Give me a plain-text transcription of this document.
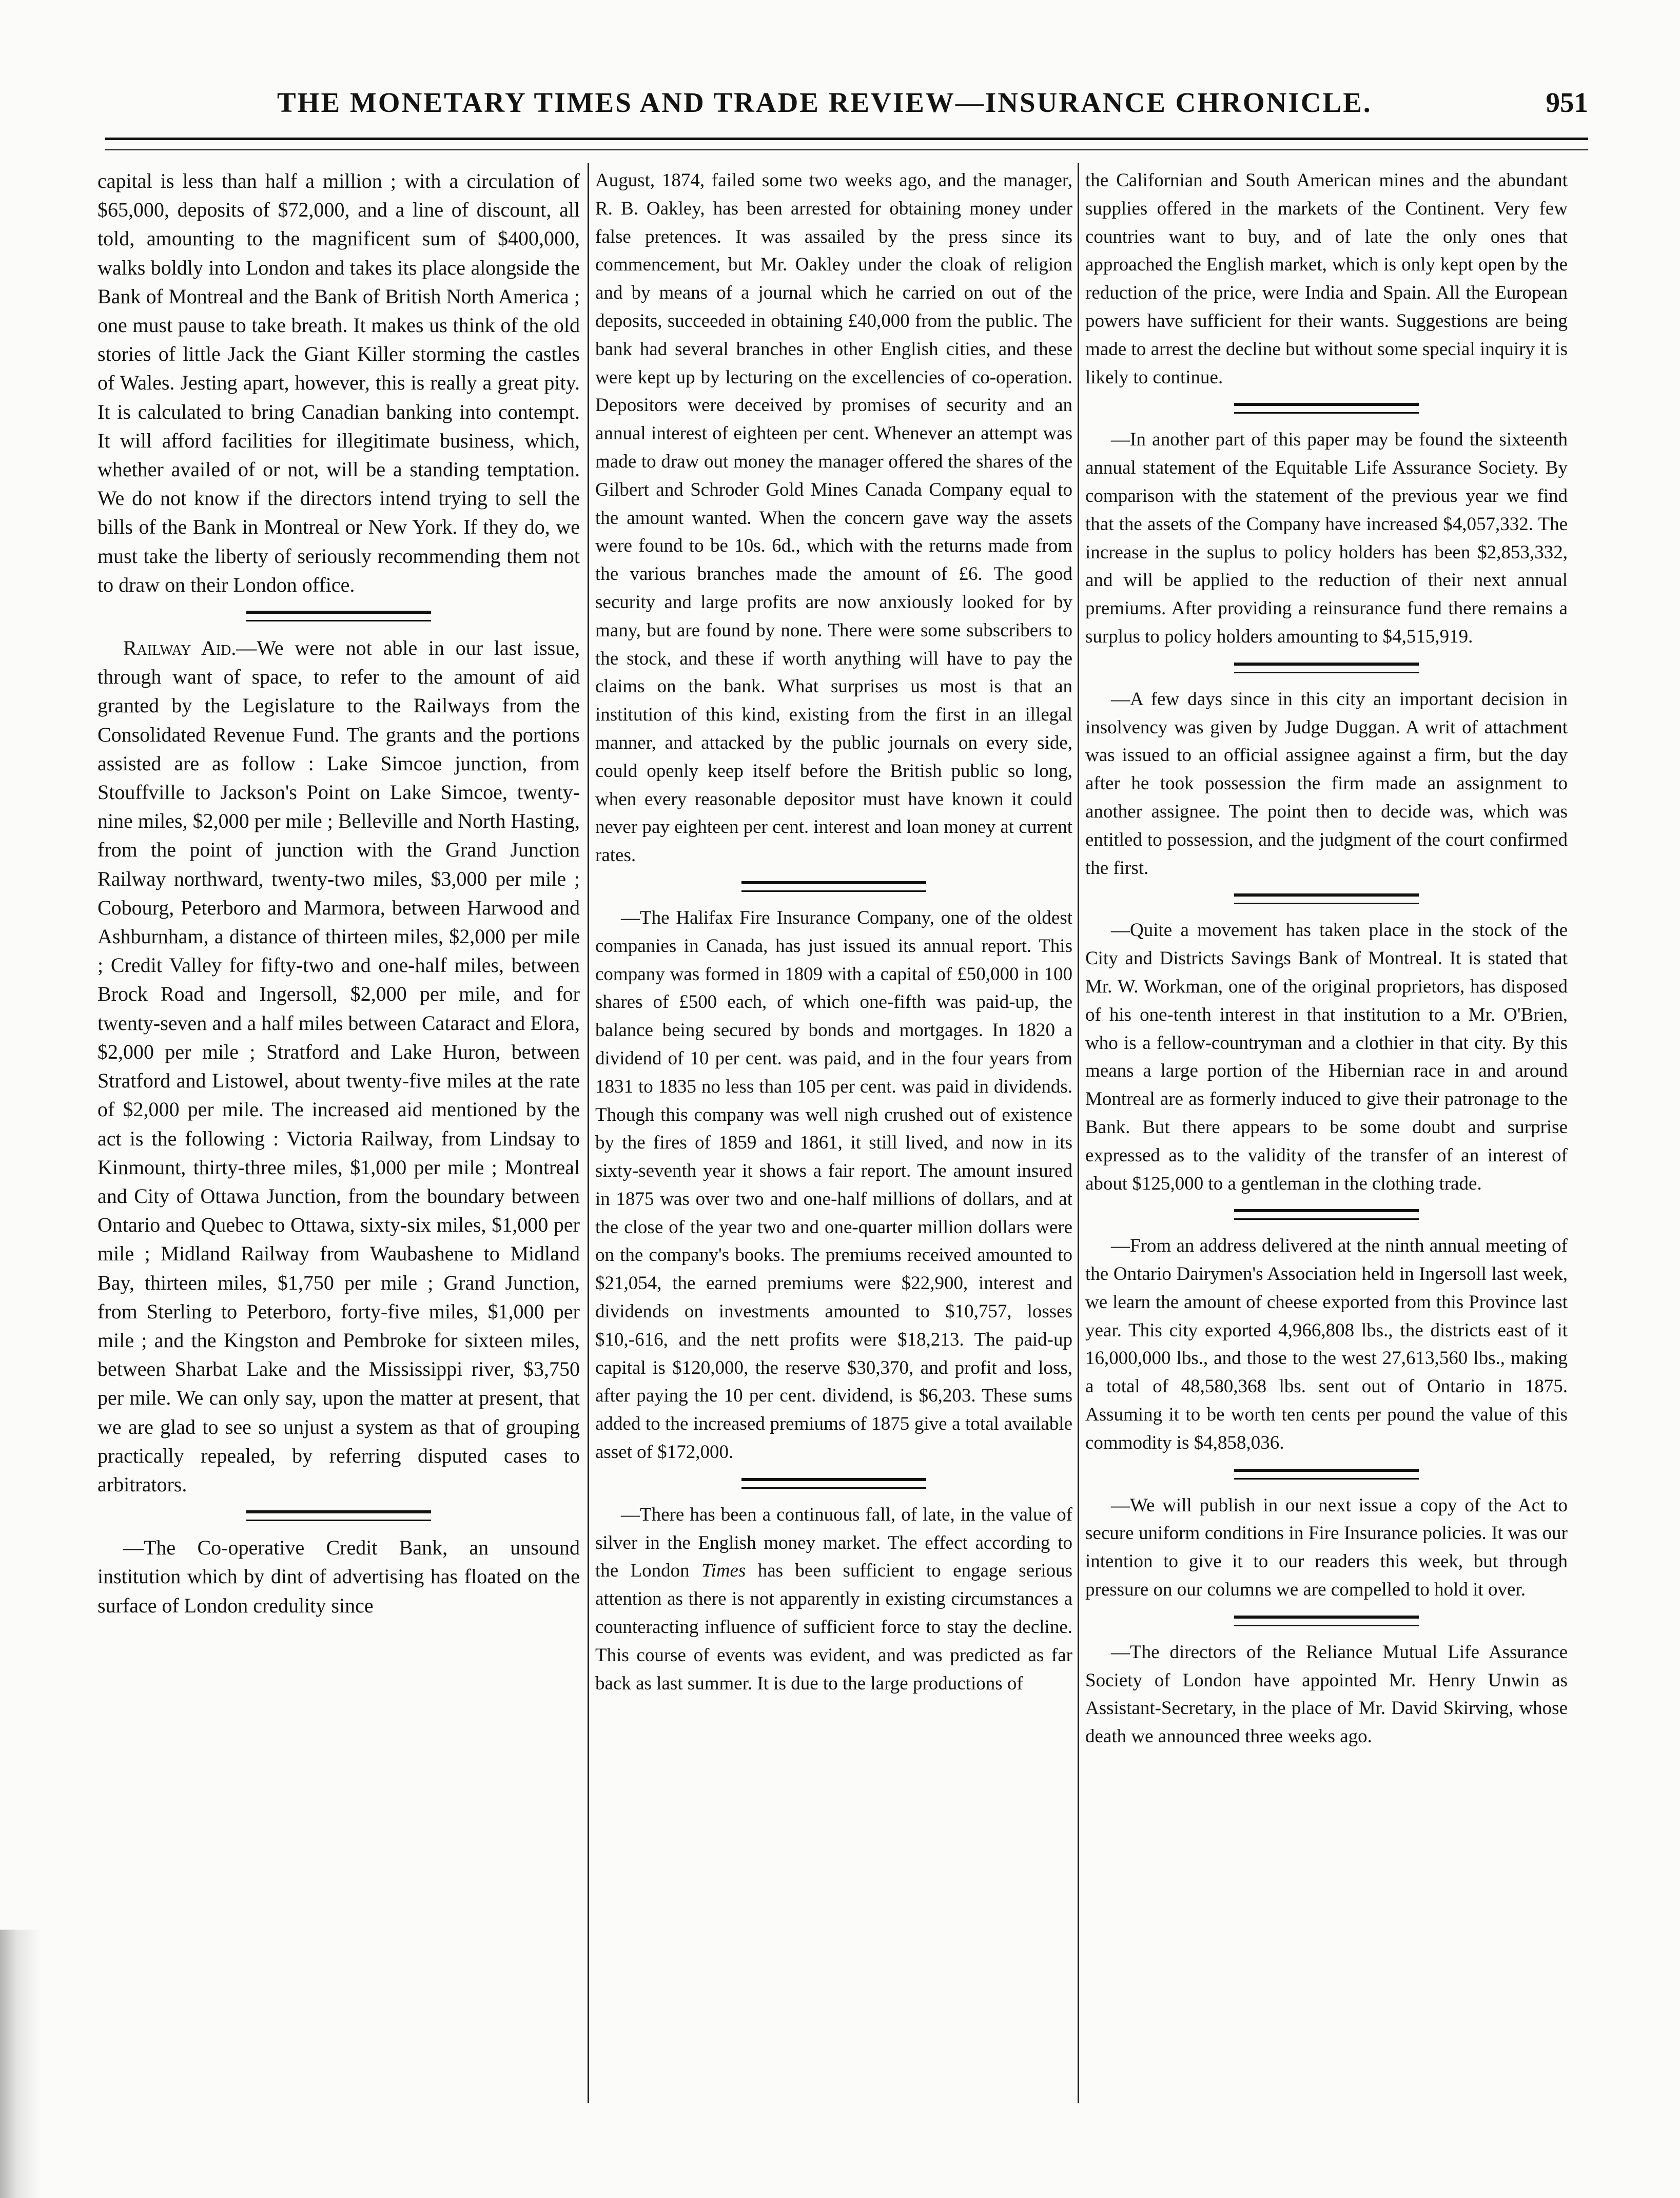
THE MONETARY TIMES AND TRADE REVIEW—INSURANCE CHRONICLE.	951

capital is less than half a million ; with a circulation of $65,000, deposits of $72,000, and a line of discount, all told, amounting to the magnificent sum of $400,000, walks boldly into London and takes its place alongside the Bank of Montreal and the Bank of British North America ; one must pause to take breath. It makes us think of the old stories of little Jack the Giant Killer storming the castles of Wales. Jesting apart, however, this is really a great pity. It is calculated to bring Canadian banking into contempt. It will afford facilities for illegitimate business, which, whether availed of or not, will be a standing temptation. We do not know if the directors intend trying to sell the bills of the Bank in Montreal or New York. If they do, we must take the liberty of seriously recommending them not to draw on their London office.

Railway Aid.—We were not able in our last issue, through want of space, to refer to the amount of aid granted by the Legislature to the Railways from the Consolidated Revenue Fund. The grants and the portions assisted are as follow : Lake Simcoe junction, from Stouffville to Jackson's Point on Lake Simcoe, twenty-nine miles, $2,000 per mile ; Belleville and North Hasting, from the point of junction with the Grand Junction Railway northward, twenty-two miles, $3,000 per mile ; Cobourg, Peterboro and Marmora, between Harwood and Ashburnham, a distance of thirteen miles, $2,000 per mile ; Credit Valley for fifty-two and one-half miles, between Brock Road and Ingersoll, $2,000 per mile, and for twenty-seven and a half miles between Cataract and Elora, $2,000 per mile ; Stratford and Lake Huron, between Stratford and Listowel, about twenty-five miles at the rate of $2,000 per mile. The increased aid mentioned by the act is the following : Victoria Railway, from Lindsay to Kinmount, thirty-three miles, $1,000 per mile ; Montreal and City of Ottawa Junction, from the boundary between Ontario and Quebec to Ottawa, sixty-six miles, $1,000 per mile ; Midland Railway from Waubashene to Midland Bay, thirteen miles, $1,750 per mile ; Grand Junction, from Sterling to Peterboro, forty-five miles, $1,000 per mile ; and the Kingston and Pembroke for sixteen miles, between Sharbat Lake and the Mississippi river, $3,750 per mile. We can only say, upon the matter at present, that we are glad to see so unjust a system as that of grouping practically repealed, by referring disputed cases to arbitrators.

—The Co-operative Credit Bank, an unsound institution which by dint of advertising has floated on the surface of London credulity since

August, 1874, failed some two weeks ago, and the manager, R. B. Oakley, has been arrested for obtaining money under false pretences. It was assailed by the press since its commencement, but Mr. Oakley under the cloak of religion and by means of a journal which he carried on out of the deposits, succeeded in obtaining £40,000 from the public. The bank had several branches in other English cities, and these were kept up by lecturing on the excellencies of co-operation. Depositors were deceived by promises of security and an annual interest of eighteen per cent. Whenever an attempt was made to draw out money the manager offered the shares of the Gilbert and Schroder Gold Mines Canada Company equal to the amount wanted. When the concern gave way the assets were found to be 10s. 6d., which with the returns made from the various branches made the amount of £6. The good security and large profits are now anxiously looked for by many, but are found by none. There were some subscribers to the stock, and these if worth anything will have to pay the claims on the bank. What surprises us most is that an institution of this kind, existing from the first in an illegal manner, and attacked by the public journals on every side, could openly keep itself before the British public so long, when every reasonable depositor must have known it could never pay eighteen per cent. interest and loan money at current rates.

—The Halifax Fire Insurance Company, one of the oldest companies in Canada, has just issued its annual report. This company was formed in 1809 with a capital of £50,000 in 100 shares of £500 each, of which one-fifth was paid-up, the balance being secured by bonds and mortgages. In 1820 a dividend of 10 per cent. was paid, and in the four years from 1831 to 1835 no less than 105 per cent. was paid in dividends. Though this company was well nigh crushed out of existence by the fires of 1859 and 1861, it still lived, and now in its sixty-seventh year it shows a fair report. The amount insured in 1875 was over two and one-half millions of dollars, and at the close of the year two and one-quarter million dollars were on the company's books. The premiums received amounted to $21,054, the earned premiums were $22,900, interest and dividends on investments amounted to $10,757, losses $10,-616, and the nett profits were $18,213. The paid-up capital is $120,000, the reserve $30,370, and profit and loss, after paying the 10 per cent. dividend, is $6,203. These sums added to the increased premiums of 1875 give a total available asset of $172,000.

—There has been a continuous fall, of late, in the value of silver in the English money market. The effect according to the London Times has been sufficient to engage serious attention as there is not apparently in existing circumstances a counteracting influence of sufficient force to stay the decline. This course of events was evident, and was predicted as far back as last summer. It is due to the large productions of

the Californian and South American mines and the abundant supplies offered in the markets of the Continent. Very few countries want to buy, and of late the only ones that approached the English market, which is only kept open by the reduction of the price, were India and Spain. All the European powers have sufficient for their wants. Suggestions are being made to arrest the decline but without some special inquiry it is likely to continue.

—In another part of this paper may be found the sixteenth annual statement of the Equitable Life Assurance Society. By comparison with the statement of the previous year we find that the assets of the Company have increased $4,057,332. The increase in the suplus to policy holders has been $2,853,332, and will be applied to the reduction of their next annual premiums. After providing a reinsurance fund there remains a surplus to policy holders amounting to $4,515,919.

—A few days since in this city an important decision in insolvency was given by Judge Duggan. A writ of attachment was issued to an official assignee against a firm, but the day after he took possession the firm made an assignment to another assignee. The point then to decide was, which was entitled to possession, and the judgment of the court confirmed the first.

—Quite a movement has taken place in the stock of the City and Districts Savings Bank of Montreal. It is stated that Mr. W. Workman, one of the original proprietors, has disposed of his one-tenth interest in that institution to a Mr. O'Brien, who is a fellow-countryman and a clothier in that city. By this means a large portion of the Hibernian race in and around Montreal are as formerly induced to give their patronage to the Bank. But there appears to be some doubt and surprise expressed as to the validity of the transfer of an interest of about $125,000 to a gentleman in the clothing trade.

—From an address delivered at the ninth annual meeting of the Ontario Dairymen's Association held in Ingersoll last week, we learn the amount of cheese exported from this Province last year. This city exported 4,966,808 lbs., the districts east of it 16,000,000 lbs., and those to the west 27,613,560 lbs., making a total of 48,580,368 lbs. sent out of Ontario in 1875. Assuming it to be worth ten cents per pound the value of this commodity is $4,858,036.

—We will publish in our next issue a copy of the Act to secure uniform conditions in Fire Insurance policies. It was our intention to give it to our readers this week, but through pressure on our columns we are compelled to hold it over.

—The directors of the Reliance Mutual Life Assurance Society of London have appointed Mr. Henry Unwin as Assistant-Secretary, in the place of Mr. David Skirving, whose death we announced three weeks ago.
